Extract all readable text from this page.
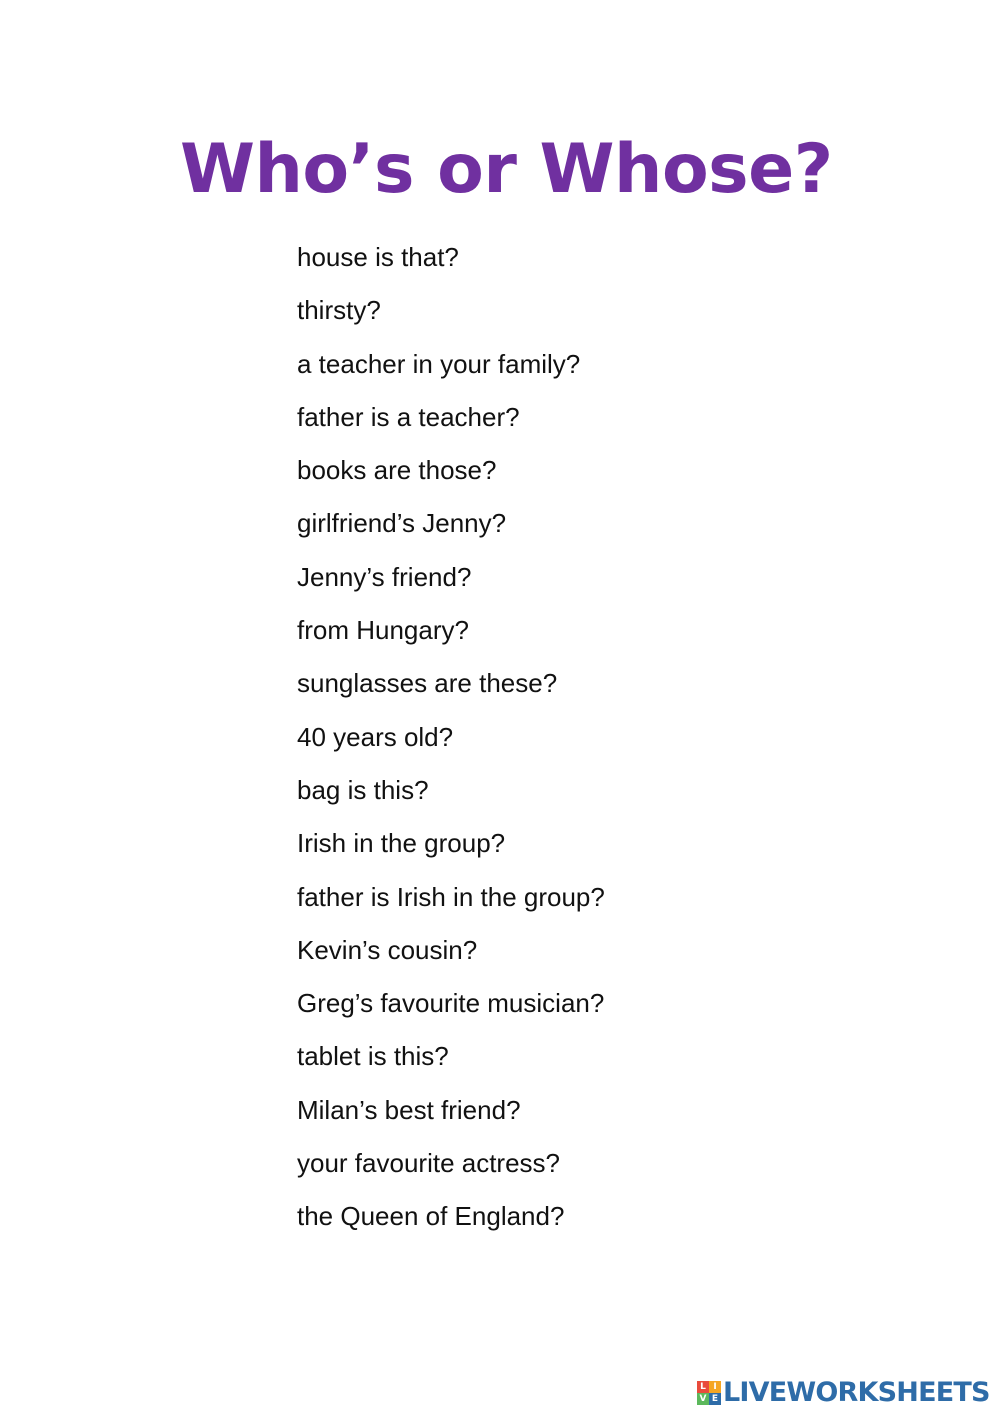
Who’s or Whose?
house is that?
thirsty?
a teacher in your family?
father is a teacher?
books are those?
girlfriend’s Jenny?
Jenny’s friend?
from Hungary?
sunglasses are these?
40 years old?
bag is this?
Irish in the group?
father is Irish in the group?
Kevin’s cousin?
Greg’s favourite musician?
tablet is this?
Milan’s best friend?
your favourite actress?
the Queen of England?
L I
V E LIVEWORKSHEETS
